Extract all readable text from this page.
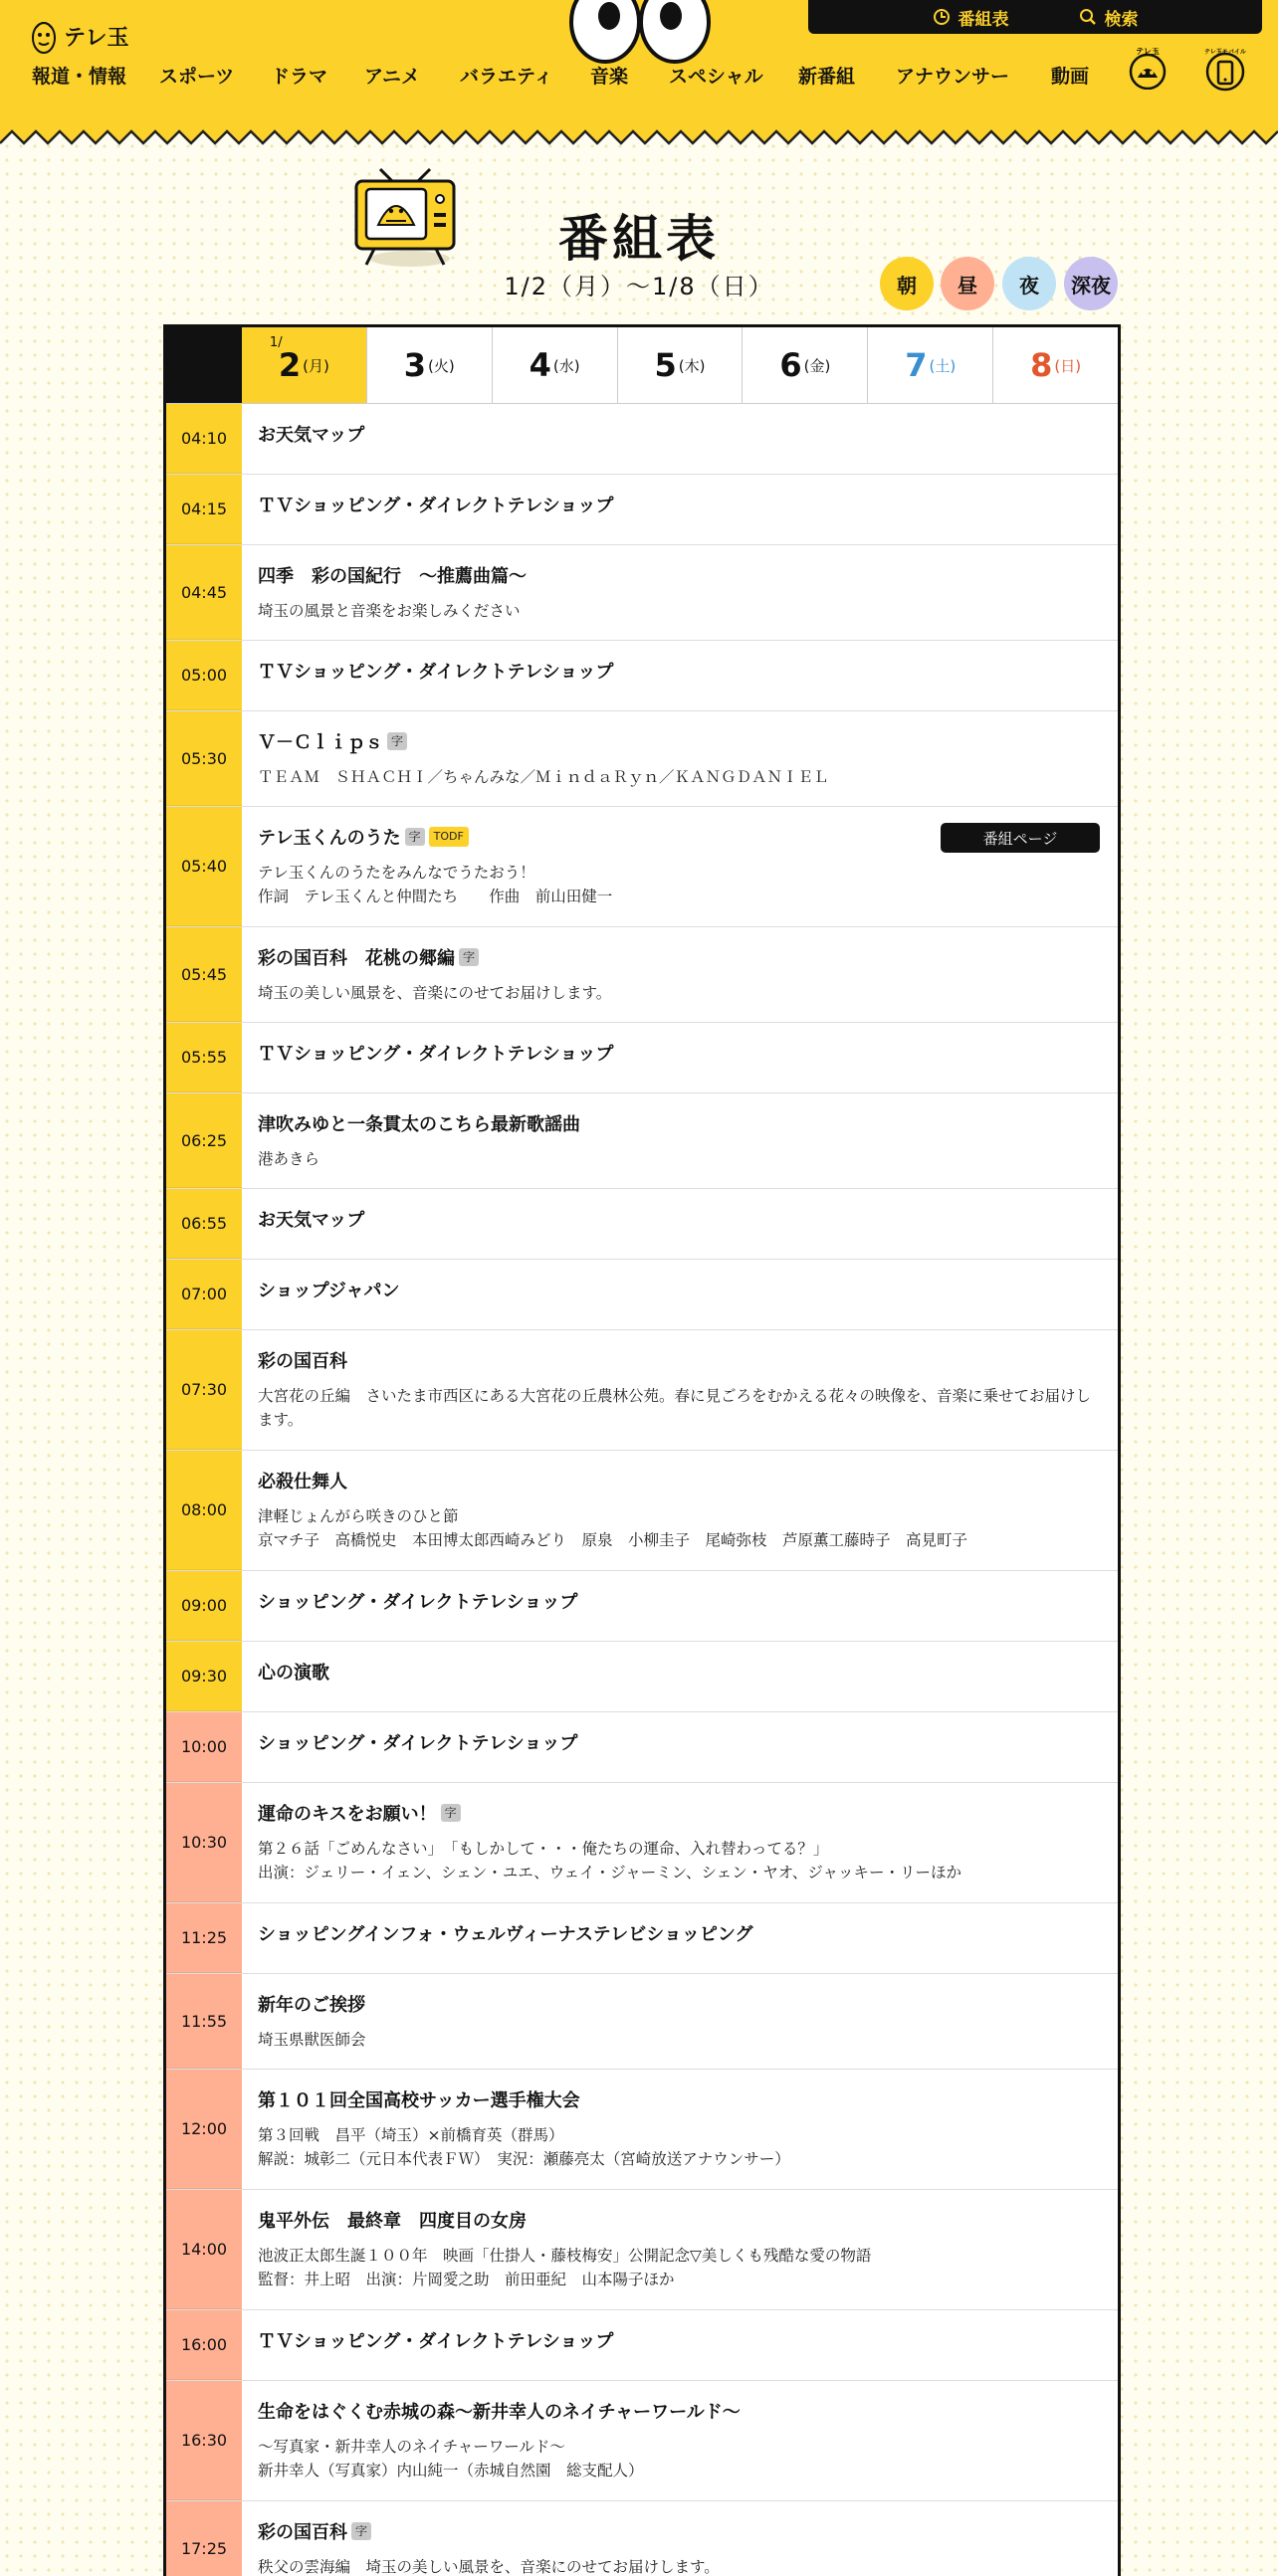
テレ玉
番組表	検索
報道・情報 スポーツ ドラマ アニメ バラエティ 音楽 スペシャル 新番組 アナウンサー 動画
テレ玉	テレ玉モバイル
番組表
1/2（月）〜1/8（日）	朝	昼	夜	深夜
1/
2 (月) 3 (火) 4 (水) 5 (木) 6 (金) 7 (土) 8 (日)
04:10	お天気マップ
04:15	ＴＶショッピング・ダイレクトテレショップ
04:45
四季　彩の国紀行　～推薦曲篇～
埼玉の風景と音楽をお楽しみください
05:00	ＴＶショッピング・ダイレクトテレショップ
05:30
Ｖ－Ｃｌｉｐｓ 字
ＴＥＡＭ　ＳＨＡＣＨＩ／ちゃんみな／ＭｉｎｄａＲｙｎ／ＫＡＮＧＤＡＮＩＥＬ
05:40
テレ玉くんのうた 字	TODF	番組ページ
テレ玉くんのうたをみんなでうたおう！
作詞　テレ玉くんと仲間たち　　作曲　前山田健一
05:45
彩の国百科　花桃の郷編 字
埼玉の美しい風景を、音楽にのせてお届けします。
05:55	ＴＶショッピング・ダイレクトテレショップ
06:25
津吹みゆと一条貫太のこちら最新歌謡曲
港あきら
06:55	お天気マップ
07:00	ショップジャパン
07:30
彩の国百科
大宮花の丘編　さいたま市西区にある大宮花の丘農林公苑。春に見ごろをむかえる花々の映像を、音楽に乗せてお届けします。
08:00
必殺仕舞人
津軽じょんがら咲きのひと節
京マチ子　高橋悦史　本田博太郎西崎みどり　原泉　小柳圭子　尾崎弥枝　芦原薫工藤時子　高見町子
09:00	ショッピング・ダイレクトテレショップ
09:30	心の演歌
10:00	ショッピング・ダイレクトテレショップ
10:30
運命のキスをお願い！ 字
第２６話「ごめんなさい」　「もしかして・・・俺たちの運命、入れ替わってる？」
出演：ジェリー・イェン、シェン・ユエ、ウェイ・ジャーミン、シェン・ヤオ、ジャッキー・リーほか
11:25	ショッピングインフォ・ウェルヴィーナステレビショッピング
11:55
新年のご挨拶
埼玉県獣医師会
12:00
第１０１回全国高校サッカー選手権大会
第３回戦　昌平（埼玉）×前橋育英（群馬）
解説：城彰二（元日本代表ＦＷ）　実況：瀬藤亮太（宮崎放送アナウンサー）
14:00
鬼平外伝　最終章　四度目の女房
池波正太郎生誕１００年　映画「仕掛人・藤枝梅安」公開記念▽美しくも残酷な愛の物語
監督：井上昭　出演：片岡愛之助　前田亜紀　山本陽子ほか
16:00	ＴＶショッピング・ダイレクトテレショップ
16:30
生命をはぐくむ赤城の森～新井幸人のネイチャーワールド～
～写真家・新井幸人のネイチャーワールド～
新井幸人（写真家）内山純一（赤城自然園　総支配人）
17:25
彩の国百科 字
秩父の雲海編　埼玉の美しい風景を、音楽にのせてお届けします。
